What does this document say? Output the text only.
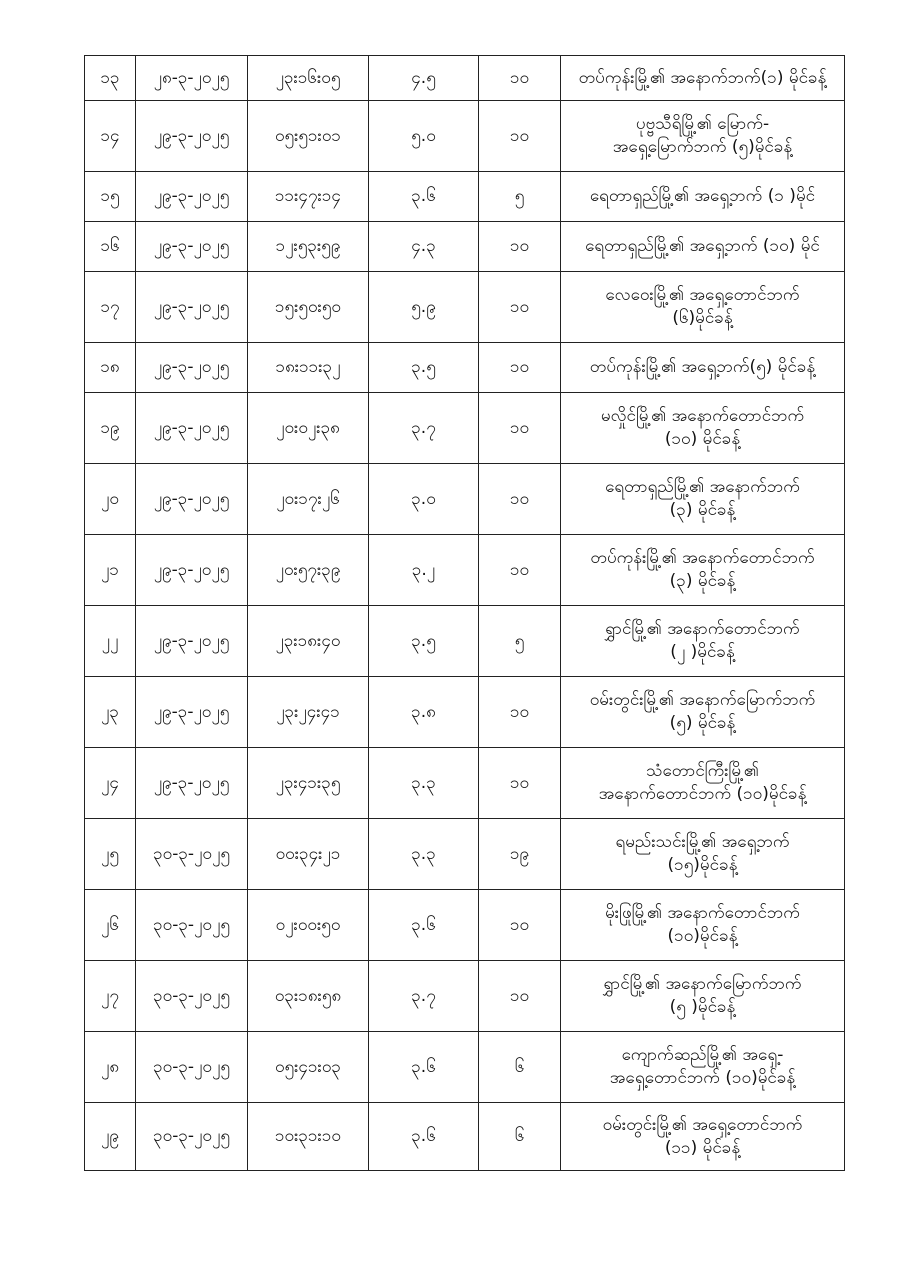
၁၃	၂၈-၃-၂၀၂၅	၂၃း၁၆း၀၅	၄.၅	၁၀	တပ်ကုန်းမြို့၏ အနောက်ဘက်(၁) မိုင်ခန့်

၁၄	၂၉-၃-၂၀၂၅	၀၅း၅၁း၀၁	၅.၀	၁၀	ပုဗ္ဗသီရိမြို့၏ မြောက်-
အရှေ့မြောက်ဘက် (၅)မိုင်ခန့်

၁၅	၂၉-၃-၂၀၂၅	၁၁း၄၇း၁၄	၃.၆	၅	ရေတာရှည်မြို့၏ အရှေ့ဘက် (၁ )မိုင်

၁၆	၂၉-၃-၂၀၂၅	၁၂း၅၃း၅၉	၄.၃	၁၀	ရေတာရှည်မြို့၏ အရှေ့ဘက် (၁၀) မိုင်

၁၇	၂၉-၃-၂၀၂၅	၁၅း၅၀း၅၀	၅.၉	၁၀	လေဝေးမြို့၏ အရှေ့တောင်ဘက်
(၆)မိုင်ခန့်

၁၈	၂၉-၃-၂၀၂၅	၁၈း၁၁း၃၂	၃.၅	၁၀	တပ်ကုန်းမြို့၏ အရှေ့ဘက်(၅) မိုင်ခန့်

၁၉	၂၉-၃-၂၀၂၅	၂၀း၀၂း၃၈	၃.၇	၁၀	မလှိုင်မြို့၏ အနောက်တောင်ဘက်
(၁၀) မိုင်ခန့်

၂၀	၂၉-၃-၂၀၂၅	၂၀း၁၇း၂၆	၃.၀	၁၀	ရေတာရှည်မြို့၏ အနောက်ဘက်
(၃) မိုင်ခန့်

၂၁	၂၉-၃-၂၀၂၅	၂၀း၅၇း၃၉	၃.၂	၁၀	တပ်ကုန်းမြို့၏ အနောက်တောင်ဘက်
(၃) မိုင်ခန့်

၂၂	၂၉-၃-၂၀၂၅	၂၃း၁၈း၄၀	၃.၅	၅	ရွှာင်မြို့၏ အနောက်တောင်ဘက်
(၂ )မိုင်ခန့်

၂၃	၂၉-၃-၂၀၂၅	၂၃း၂၄း၄၁	၃.၈	၁၀	ဝမ်းတွင်းမြို့၏ အနောက်မြောက်ဘက်
(၅) မိုင်ခန့်

၂၄	၂၉-၃-၂၀၂၅	၂၃း၄၁း၃၅	၃.၃	၁၀	သံတောင်ကြီးမြို့၏
အနောက်တောင်ဘက် (၁၀)မိုင်ခန့်

၂၅	၃၀-၃-၂၀၂၅	၀၀း၃၄း၂၁	၃.၃	၁၉	ရမည်းသင်းမြို့၏ အရှေ့ဘက်
(၁၅)မိုင်ခန့်

၂၆	၃၀-၃-၂၀၂၅	၀၂း၀၀း၅၀	၃.၆	၁၀	မိုးဖြုမြို့၏ အနောက်တောင်ဘက်
(၁၀)မိုင်ခန့်

၂၇	၃၀-၃-၂၀၂၅	၀၃း၁၈း၅၈	၃.၇	၁၀	ရွှာင်မြို့၏ အနောက်မြောက်ဘက်
(၅ )မိုင်ခန့်

၂၈	၃၀-၃-၂၀၂၅	၀၅း၄၁း၀၃	၃.၆	၆	ကျောက်ဆည်မြို့၏ အရှေ့-
အရှေ့တောင်ဘက် (၁၀)မိုင်ခန့်

၂၉	၃၀-၃-၂၀၂၅	၁၀း၃၁း၁၀	၃.၆	၆	ဝမ်းတွင်းမြို့၏ အရှေ့တောင်ဘက်
(၁၁) မိုင်ခန့်
